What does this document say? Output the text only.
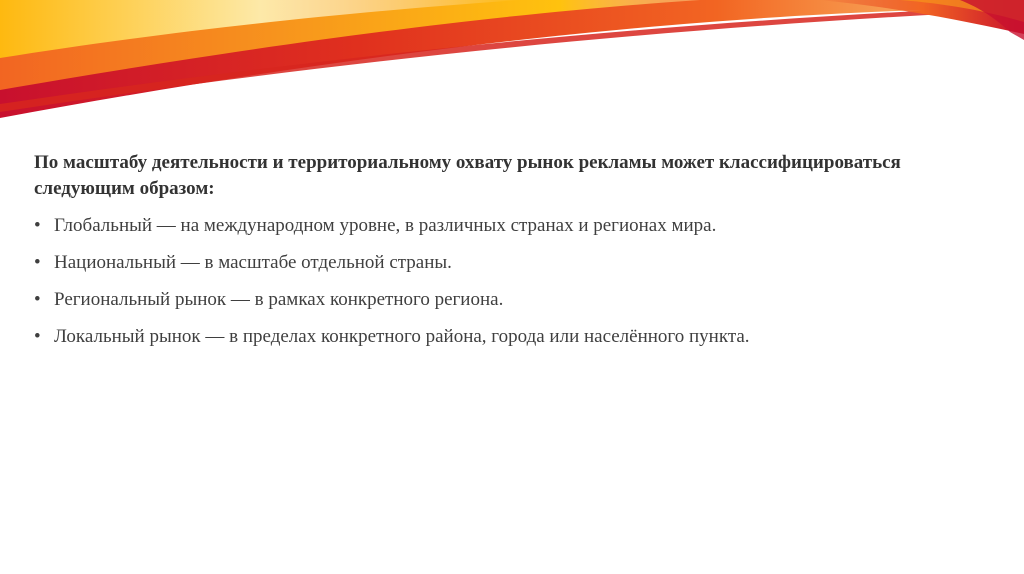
По масштабу деятельности и территориальному охвату рынок рекламы может классифицироваться следующим образом:

• Глобальный — на международном уровне, в различных странах и регионах мира.
• Национальный — в масштабе отдельной страны.
• Региональный рынок — в рамках конкретного региона.
• Локальный рынок — в пределах конкретного района, города или населённого пункта.
